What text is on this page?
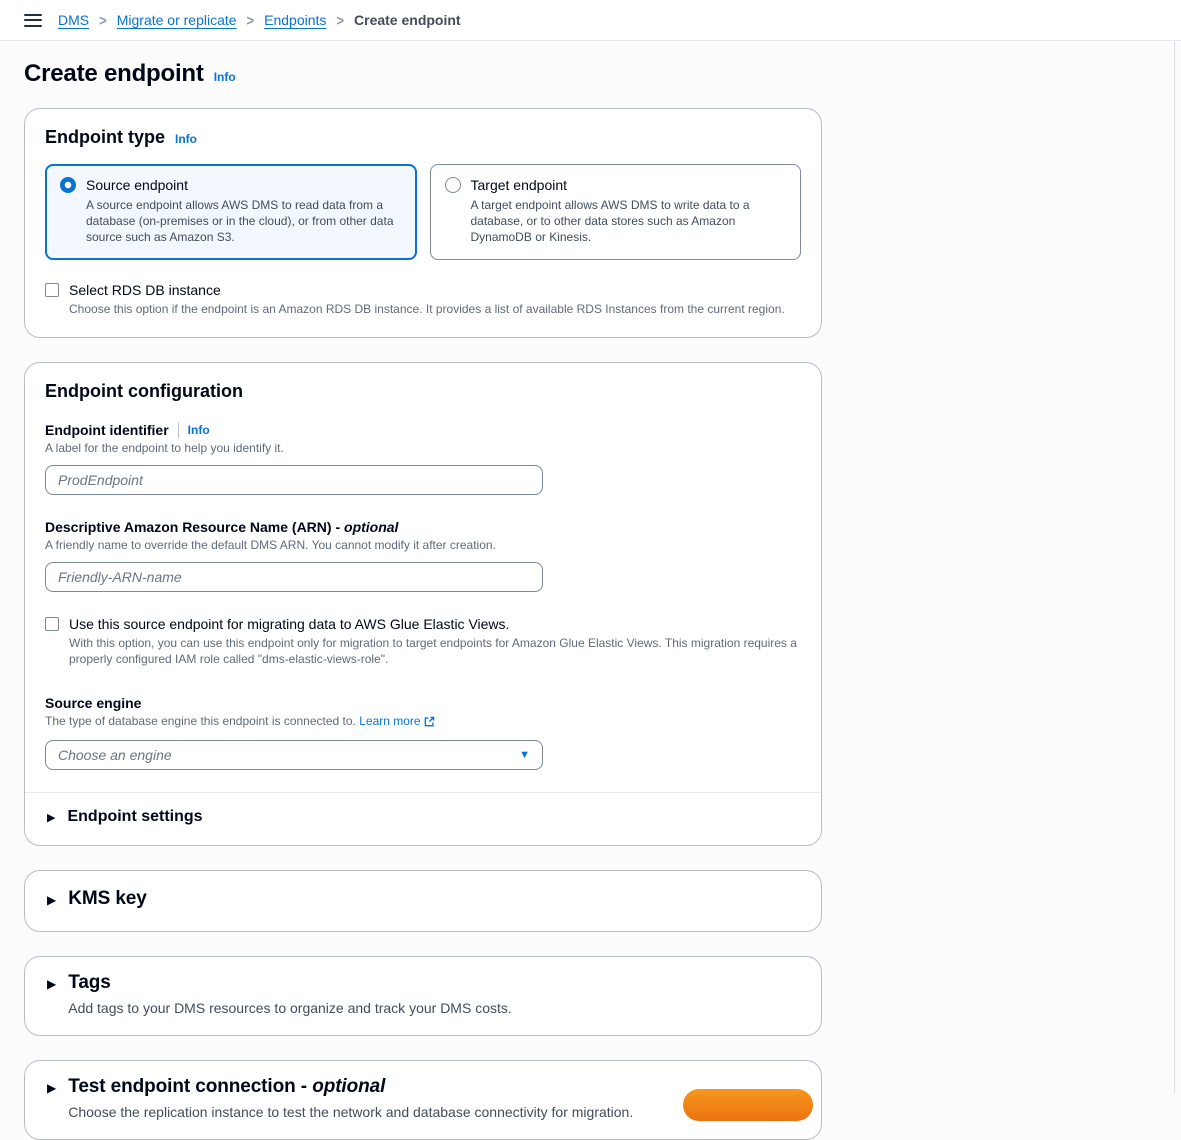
DMS > Migrate or replicate > Endpoints > Create endpoint
Create endpoint Info
Endpoint type Info
Source endpoint
A source endpoint allows AWS DMS to read data from a database (on-premises or in the cloud), or from other data source such as Amazon S3.
Target endpoint
A target endpoint allows AWS DMS to write data to a database, or to other data stores such as Amazon DynamoDB or Kinesis.
Select RDS DB instance
Choose this option if the endpoint is an Amazon RDS DB instance. It provides a list of available RDS Instances from the current region.
Endpoint configuration
Endpoint identifier Info
A label for the endpoint to help you identify it.
ProdEndpoint
Descriptive Amazon Resource Name (ARN) - optional
A friendly name to override the default DMS ARN. You cannot modify it after creation.
Friendly-ARN-name
Use this source endpoint for migrating data to AWS Glue Elastic Views.
With this option, you can use this endpoint only for migration to target endpoints for Amazon Glue Elastic Views. This migration requires a properly configured IAM role called "dms-elastic-views-role".
Source engine
The type of database engine this endpoint is connected to. Learn more
Choose an engine	▼
▶ Endpoint settings
▶ KMS key
▶ Tags
Add tags to your DMS resources to organize and track your DMS costs.
▶ Test endpoint connection - optional
Choose the replication instance to test the network and database connectivity for migration.
